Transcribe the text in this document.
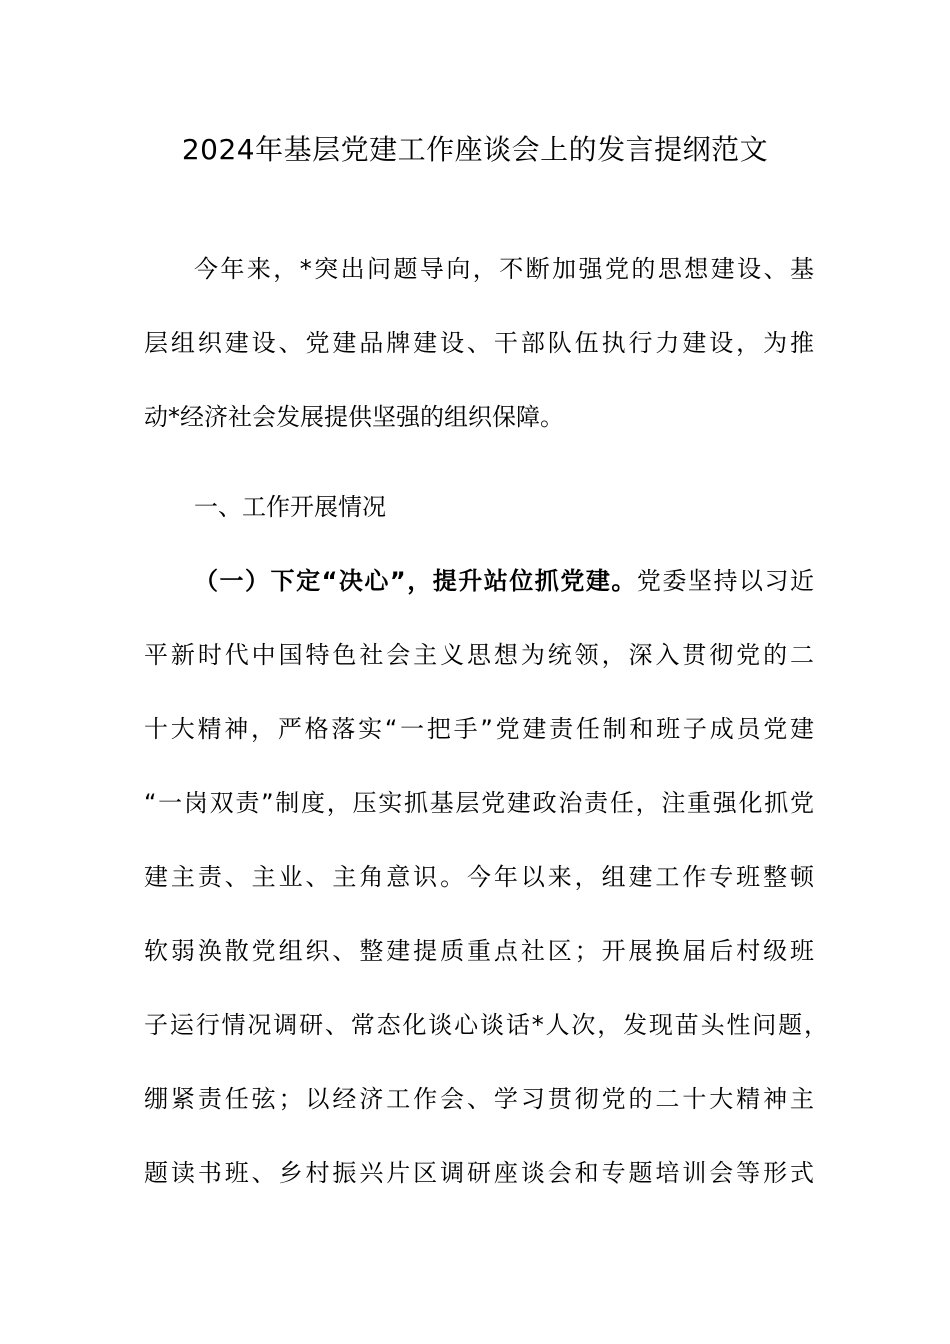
2024年基层党建工作座谈会上的发言提纲范文
今年来，*突出问题导向，不断加强党的思想建设、基
层组织建设、党建品牌建设、干部队伍执行力建设，为推
动*经济社会发展提供坚强的组织保障。
一、工作开展情况
（一）下定“决心”，提升站位抓党建。党委坚持以习近
平新时代中国特色社会主义思想为统领，深入贯彻党的二
十大精神，严格落实“一把手”党建责任制和班子成员党建
“一岗双责”制度，压实抓基层党建政治责任，注重强化抓党
建主责、主业、主角意识。今年以来，组建工作专班整顿
软弱涣散党组织、整建提质重点社区；开展换届后村级班
子运行情况调研、常态化谈心谈话*人次，发现苗头性问题，
绷紧责任弦；以经济工作会、学习贯彻党的二十大精神主
题读书班、乡村振兴片区调研座谈会和专题培训会等形式
